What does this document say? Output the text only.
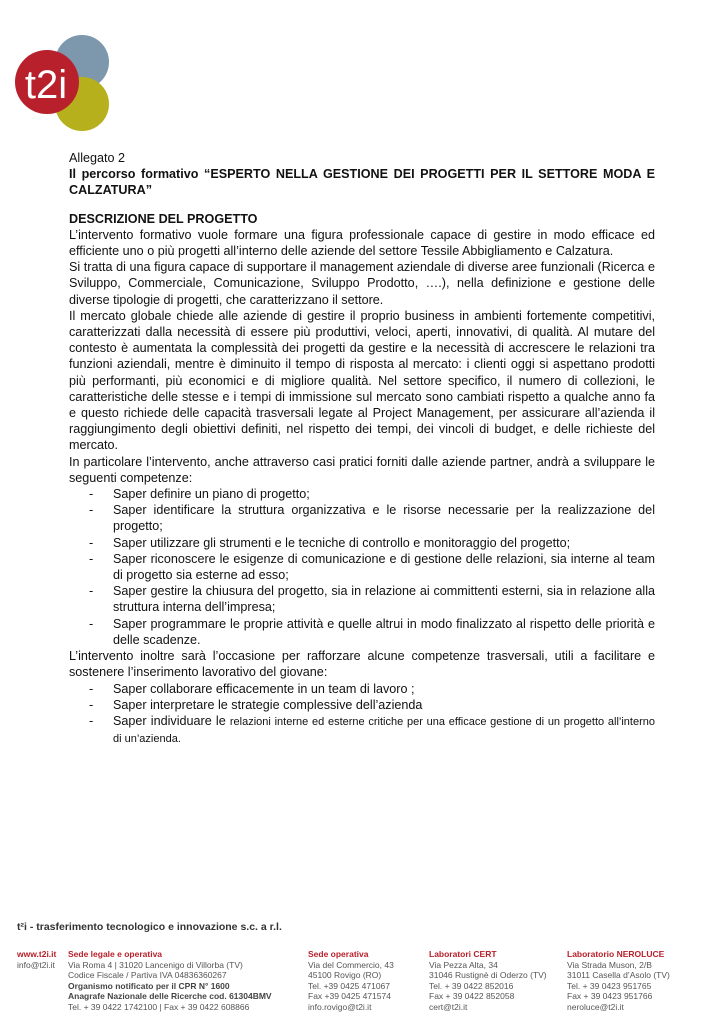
t2i

Allegato 2

Il percorso formativo “ESPERTO NELLA GESTIONE DEI PROGETTI PER IL SETTORE MODA E CALZATURA”

DESCRIZIONE DEL PROGETTO

L’intervento formativo vuole formare una figura professionale capace di gestire in modo efficace ed efficiente uno o più progetti all’interno delle aziende del settore Tessile Abbigliamento e Calzatura.

Si tratta di una figura capace di supportare il management aziendale di diverse aree funzionali (Ricerca e Sviluppo, Commerciale, Comunicazione, Sviluppo Prodotto, ….), nella definizione e gestione delle diverse tipologie di progetti, che caratterizzano il settore.

Il mercato globale chiede alle aziende di gestire il proprio business in ambienti fortemente competitivi, caratterizzati dalla necessità di essere più produttivi, veloci, aperti, innovativi, di qualità. Al mutare del contesto è aumentata la complessità dei progetti da gestire e la necessità di accrescere le relazioni tra funzioni aziendali, mentre è diminuito il tempo di risposta al mercato: i clienti oggi si aspettano prodotti più performanti, più economici e di migliore qualità. Nel settore specifico, il numero di collezioni, le caratteristiche delle stesse e i tempi di immissione sul mercato sono cambiati rispetto a qualche anno fa e questo richiede delle capacità trasversali legate al Project Management, per assicurare all’azienda il raggiungimento degli obiettivi definiti, nel rispetto dei tempi, dei vincoli di budget, e delle richieste del mercato.

In particolare l’intervento, anche attraverso casi pratici forniti dalle aziende partner, andrà a sviluppare le seguenti competenze:

- Saper definire un piano di progetto;
- Saper identificare la struttura organizzativa e le risorse necessarie per la realizzazione del progetto;
- Saper utilizzare gli strumenti e le tecniche di controllo e monitoraggio del progetto;
- Saper riconoscere le esigenze di comunicazione e di gestione delle relazioni, sia interne al team di progetto sia esterne ad esso;
- Saper gestire la chiusura del progetto, sia in relazione ai committenti esterni, sia in relazione alla struttura interna dell’impresa;
- Saper programmare le proprie attività e quelle altrui in modo finalizzato al rispetto delle priorità e delle scadenze.

L’intervento inoltre sarà l’occasione per rafforzare alcune competenze trasversali, utili a facilitare e sostenere l’inserimento lavorativo del giovane:

- Saper collaborare efficacemente in un team di lavoro ;
- Saper interpretare le strategie complessive dell’azienda
- Saper individuare le relazioni interne ed esterne critiche per una efficace gestione di un progetto all’interno di un’azienda.
t²i - trasferimento tecnologico e innovazione s.c. a r.l.
www.t2i.it
info@t2i.it
Sede legale e operativa
Via Roma 4 | 31020 Lancenigo di Villorba (TV)
Codice Fiscale / Partiva IVA 04836360267
Organismo notificato per il CPR N° 1600
Anagrafe Nazionale delle Ricerche cod. 61304BMV
Tel. + 39 0422 1742100 | Fax + 39 0422 608866
Sede operativa
Via del Commercio, 43
45100 Rovigo (RO)
Tel. +39 0425 471067
Fax +39 0425 471574
info.rovigo@t2i.it
Laboratori CERT
Via Pezza Alta, 34
31046 Rustignè di Oderzo (TV)
Tel. + 39 0422 852016
Fax + 39 0422 852058
cert@t2i.it
Laboratorio NEROLUCE
Via Strada Muson, 2/B
31011 Casella d’Asolo (TV)
Tel. + 39 0423 951765
Fax + 39 0423 951766
neroluce@t2i.it
